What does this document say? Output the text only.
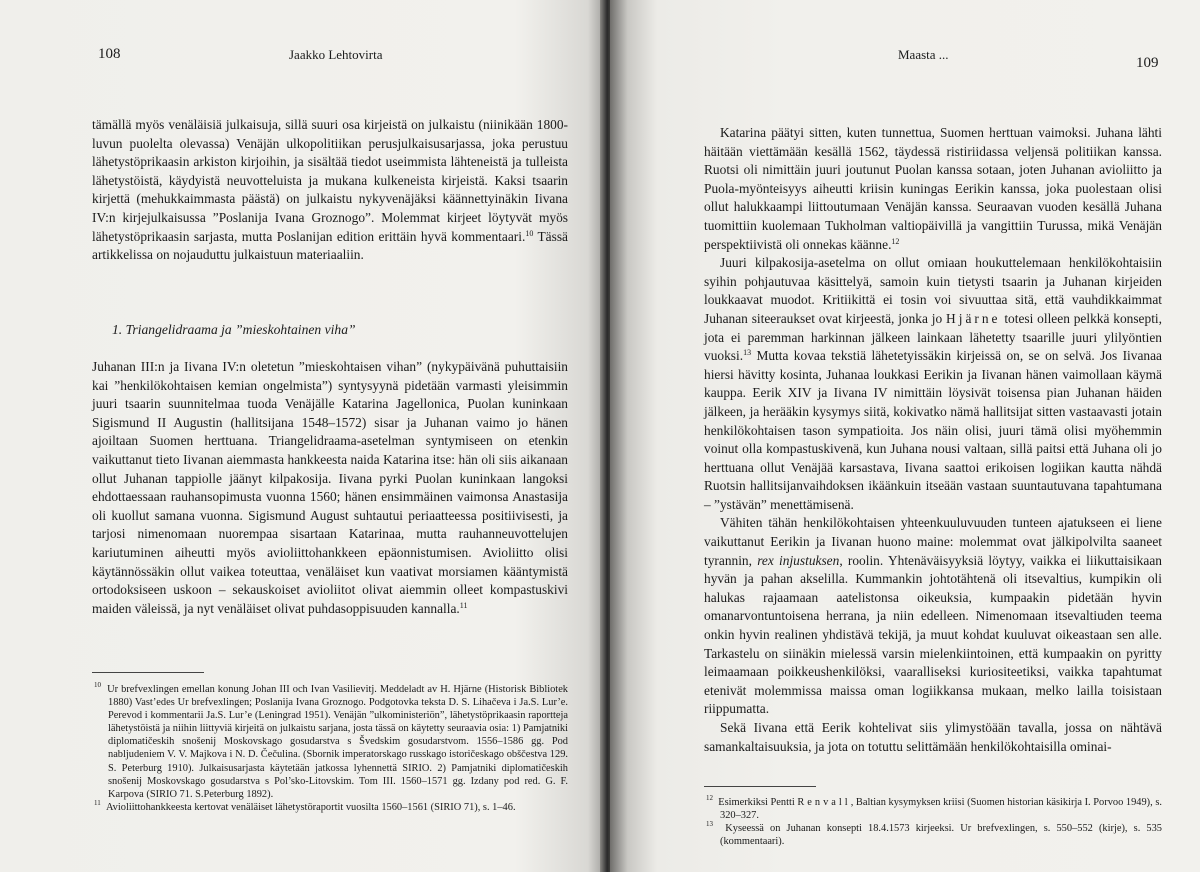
108	Jaakko Lehtovirta

tämällä myös venäläisiä julkaisuja, sillä suuri osa kirjeistä on julkaistu (niinikään 1800-luvun puolelta olevassa) Venäjän ulkopolitiikan perusjulkaisusarjassa, joka perustuu lähetystöprikaasin arkiston kirjoihin, ja sisältää tiedot useimmista lähteneistä ja tulleista lähetystöistä, käydyistä neuvotteluista ja mukana kulkeneista kirjeistä. Kaksi tsaarin kirjettä (mehukkaimmasta päästä) on julkaistu nykyvenäjäksi käännettyinäkin Iivana IV:n kirjejulkaisussa ”Poslanija Ivana Groznogo”. Molemmat kirjeet löytyvät myös lähetystöprikaasin sarjasta, mutta Poslanijan edition erittäin hyvä kommentaari.$^{10}$ Tässä artikkelissa on nojauduttu julkaistuun materiaaliin.

1. Triangelidraama ja ”mieskohtainen viha”

Juhanan III:n ja Iivana IV:n oletetun ”mieskohtaisen vihan” (nykypäivänä puhuttaisiin kai ”henkilökohtaisen kemian ongelmista”) syntysyynä pidetään varmasti yleisimmin juuri tsaarin suunnitelmaa tuoda Venäjälle Katarina Jagellonica, Puolan kuninkaan Sigismund II Augustin (hallitsijana 1548–1572) sisar ja Juhanan vaimo jo hänen ajoiltaan Suomen herttuana. Triangelidraama-asetelman syntymiseen on etenkin vaikuttanut tieto Iivanan aiemmasta hankkeesta naida Katarina itse: hän oli siis aikanaan ollut Juhanan tappiolle jäänyt kilpakosija. Iivana pyrki Puolan kuninkaan langoksi ehdottaessaan rauhansopimusta vuonna 1560; hänen ensimmäinen vaimonsa Anastasija oli kuollut samana vuonna. Sigismund August suhtautui periaatteessa positiivisesti, ja tarjosi nimenomaan nuorempaa sisartaan Katarinaa, mutta rauhanneuvottelujen kariutuminen aiheutti myös avioliittohankkeen epäonnistumisen. Avioliitto olisi käytännössäkin ollut vaikea toteuttaa, venäläiset kun vaativat morsiamen kääntymistä ortodoksiseen uskoon – sekauskoiset avioliitot olivat aiemmin olleet kompastuskivi maiden väleissä, ja nyt venäläiset olivat puhdasoppisuuden kannalla.$^{11}$

$^{10}$ Ur brefvexlingen emellan konung Johan III och Ivan Vasilievitj. Meddeladt av H. Hjärne (Historisk Bibliotek 1880) Vast’edes Ur brefvexlingen; Poslanija Ivana Groznogo. Podgotovka teksta D. S. Lihačeva i Ja.S. Lur’e. Perevod i kommentarii Ja.S. Lur’e (Leningrad 1951). Venäjän ”ulkoministeriön”, lähetystöprikaasin raportteja lähetystöistä ja niihin liittyviä kirjeitä on julkaistu sarjana, josta tässä on käytetty seuraavia osia: 1) Pamjatniki diplomatičeskih snošenij Moskovskago gosudarstva s Švedskim gosudarstvom. 1556–1586 gg. Pod nabljudeniem V. V. Majkova i N. D. Čečulina. (Sbornik imperatorskago russkago istoričeskago obščestva 129. S. Peterburg 1910). Julkaisusarjasta käytetään jatkossa lyhennettä SIRIO. 2) Pamjatniki diplomatičeskih snošenij Moskovskago gosudarstva s Pol’sko-Litovskim. Tom III. 1560–1571 gg. Izdany pod red. G. F. Karpova (SIRIO 71. S.Peterburg 1892).

$^{11}$ Avioliittohankkeesta kertovat venäläiset lähetystöraportit vuosilta 1560–1561 (SIRIO 71), s. 1–46.

Maasta ...
109

Katarina päätyi sitten, kuten tunnettua, Suomen herttuan vaimoksi. Juhana lähti häitään viettämään kesällä 1562, täydessä ristiriidassa veljensä politiikan kanssa. Ruotsi oli nimittäin juuri joutunut Puolan kanssa sotaan, joten Juhanan avioliitto ja Puola-myönteisyys aiheutti kriisin kuningas Eerikin kanssa, joka puolestaan olisi ollut halukkaampi liittoutumaan Venäjän kanssa. Seuraavan vuoden kesällä Juhana tuomittiin kuolemaan Tukholman valtiopäivillä ja vangittiin Turussa, mikä Venäjän perspektiivistä oli onnekas käänne.$^{12}$

Juuri kilpakosija-asetelma on ollut omiaan houkuttelemaan henkilökohtaisiin syihin pohjautuvaa käsittelyä, samoin kuin tietysti tsaarin ja Juhanan kirjeiden loukkaavat muodot. Kritiikittä ei tosin voi sivuuttaa sitä, että vauhdikkaimmat Juhanan siteeraukset ovat kirjeestä, jonka jo Hjärne totesi olleen pelkkä konsepti, jota ei paremman harkinnan jälkeen lainkaan lähetetty tsaarille juuri ylilyöntien vuoksi.$^{13}$ Mutta kovaa tekstiä lähetetyissäkin kirjeissä on, se on selvä. Jos Iivanaa hiersi hävitty kosinta, Juhanaa loukkasi Eerikin ja Iivanan hänen vaimollaan käymä kauppa. Eerik XIV ja Iivana IV nimittäin löysivät toisensa pian Juhanan häiden jälkeen, ja herääkin kysymys siitä, kokivatko nämä hallitsijat sitten vastaavasti jotain henkilökohtaisen tason sympatioita. Jos näin olisi, juuri tämä olisi myöhemmin voinut olla kompastuskivenä, kun Juhana nousi valtaan, sillä paitsi että Juhana oli jo herttuana ollut Venäjää karsastava, Iivana saattoi erikoisen logiikan kautta nähdä Ruotsin hallitsijanvaihdoksen ikäänkuin itseään vastaan suuntautuvana tapahtumana – ”ystävän” menettämisenä.

Vähiten tähän henkilökohtaisen yhteenkuuluvuuden tunteen ajatukseen ei liene vaikuttanut Eerikin ja Iivanan huono maine: molemmat ovat jälkipolvilta saaneet tyrannin, rex injustuksen, roolin. Yhtenäväisyyksiä löytyy, vaikka ei liikuttaisikaan hyvän ja pahan akselilla. Kummankin johtotähtenä oli itsevaltius, kumpikin oli halukas rajaamaan aatelistonsa oikeuksia, kumpaakin pidetään hyvin omanarvontuntoisena herrana, ja niin edelleen. Nimenomaan itsevaltiuden teema onkin hyvin realinen yhdistävä tekijä, ja muut kohdat kuuluvat oikeastaan sen alle. Tarkastelu on siinäkin mielessä varsin mielenkiintoinen, että kumpaakin on pyritty leimaamaan poikkeushenkilöksi, vaaralliseksi kuriositeetiksi, vaikka tapahtumat etenivät molemmissa maissa oman logiikkansa mukaan, melko lailla toisistaan riippumatta.

Sekä Iivana että Eerik kohtelivat siis ylimystöään tavalla, jossa on nähtävä samankaltaisuuksia, ja jota on totuttu selittämään henkilökohtaisilla ominai-

$^{12}$ Esimerkiksi Pentti Renvall, Baltian kysymyksen kriisi (Suomen historian käsikirja I. Porvoo 1949), s. 320–327.

$^{13}$ Kyseessä on Juhanan konsepti 18.4.1573 kirjeeksi. Ur brefvexlingen, s. 550–552 (kirje), s. 535 (kommentaari).
